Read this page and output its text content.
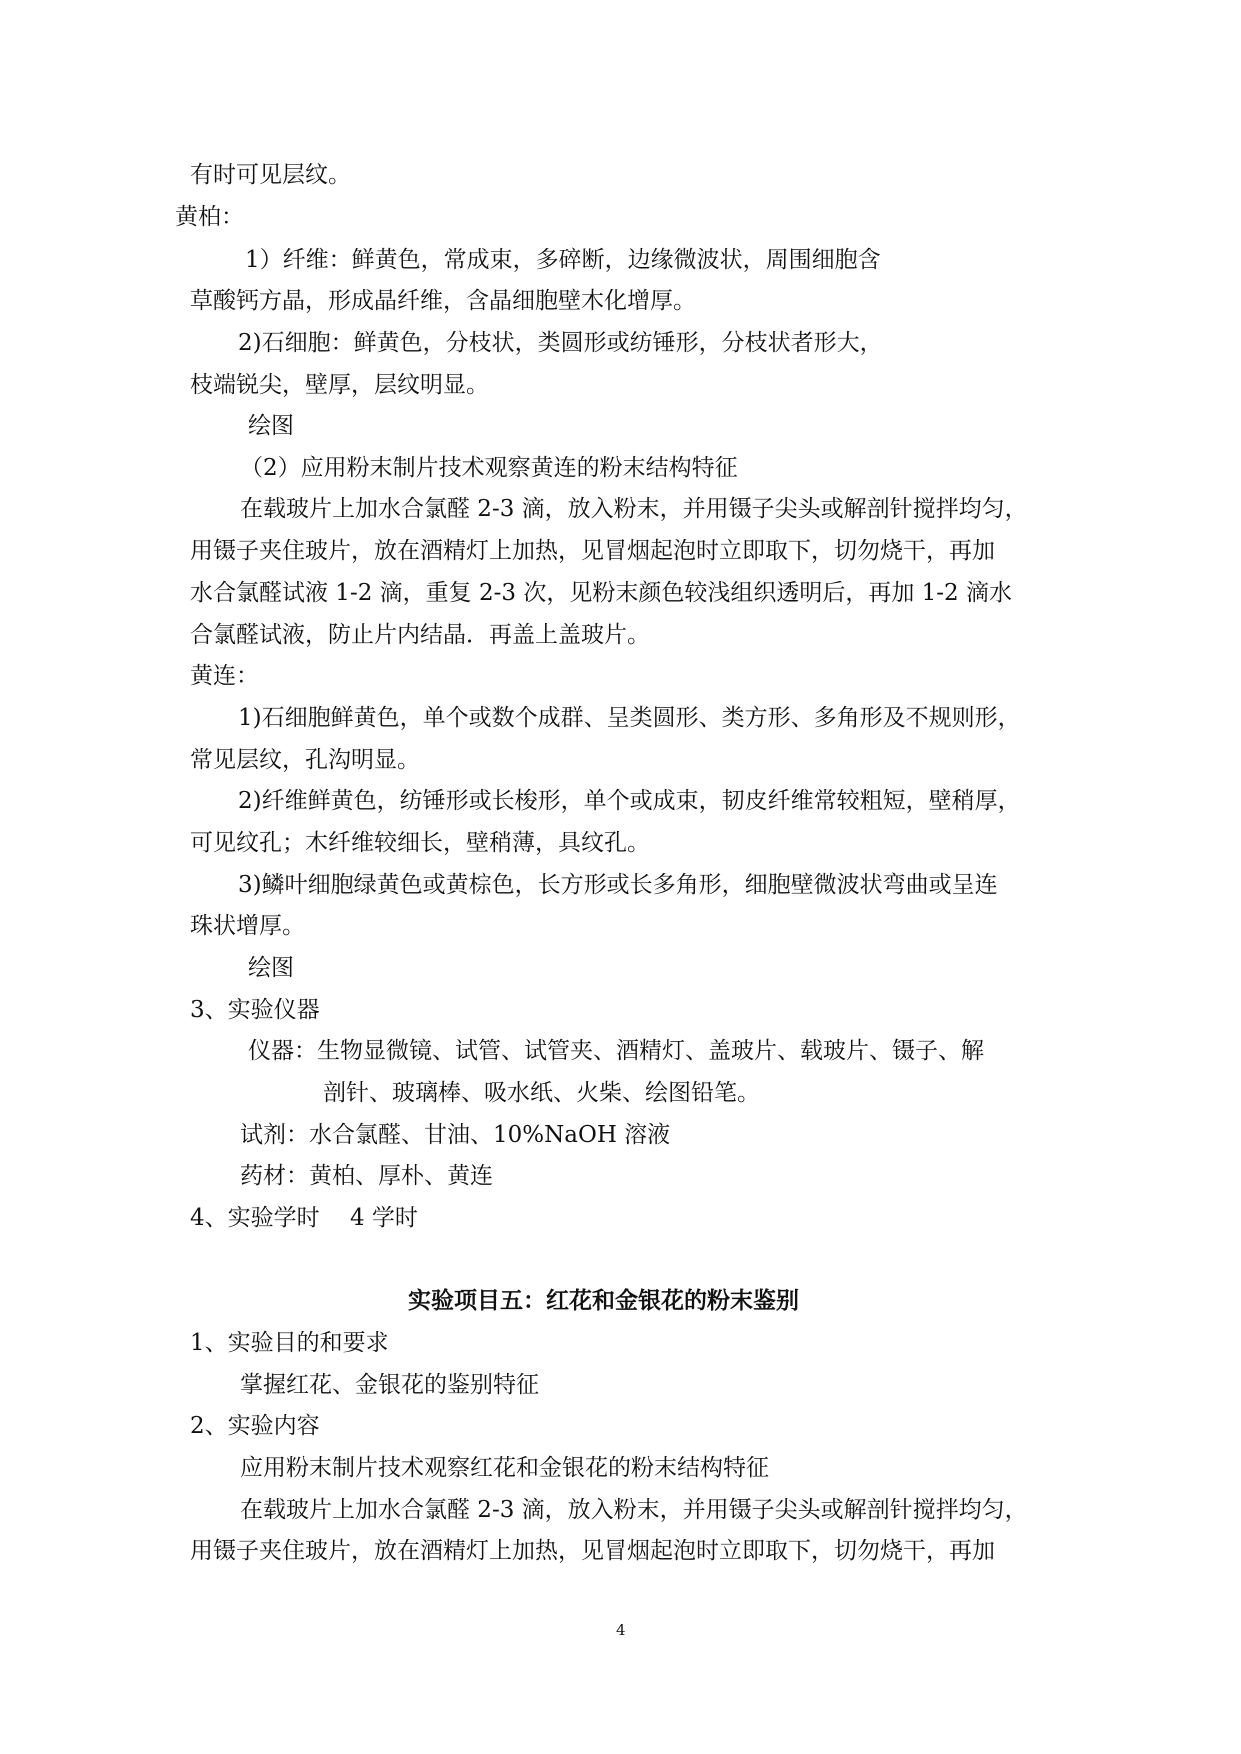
有时可见层纹。
黄柏：
1）纤维：鲜黄色，常成束，多碎断，边缘微波状，周围细胞含
草酸钙方晶，形成晶纤维，含晶细胞壁木化增厚。
2)石细胞：鲜黄色，分枝状，类圆形或纺锤形，分枝状者形大，
枝端锐尖，壁厚，层纹明显。
绘图
（2）应用粉末制片技术观察黄连的粉末结构特征
在载玻片上加水合氯醛 2-3 滴，放入粉末，并用镊子尖头或解剖针搅拌均匀，
用镊子夹住玻片，放在酒精灯上加热，见冒烟起泡时立即取下，切勿烧干，再加
水合氯醛试液 1-2 滴，重复 2-3 次，见粉末颜色较浅组织透明后，再加 1-2 滴水
合氯醛试液，防止片内结晶．再盖上盖玻片。
黄连：
1)石细胞鲜黄色，单个或数个成群、呈类圆形、类方形、多角形及不规则形，
常见层纹，孔沟明显。
2)纤维鲜黄色，纺锤形或长梭形，单个或成束，韧皮纤维常较粗短，壁稍厚，
可见纹孔；木纤维较细长，壁稍薄，具纹孔。
3)鳞叶细胞绿黄色或黄棕色，长方形或长多角形，细胞壁微波状弯曲或呈连
珠状增厚。
绘图
3、实验仪器
仪器：生物显微镜、试管、试管夹、酒精灯、盖玻片、载玻片、镊子、解
剖针、玻璃棒、吸水纸、火柴、绘图铅笔。
试剂：水合氯醛、甘油、10%NaOH 溶液
药材：黄柏、厚朴、黄连
4、实验学时　 4 学时
实验项目五：红花和金银花的粉末鉴别
1、实验目的和要求
掌握红花、金银花的鉴别特征
2、实验内容
应用粉末制片技术观察红花和金银花的粉末结构特征
在载玻片上加水合氯醛 2-3 滴，放入粉末，并用镊子尖头或解剖针搅拌均匀，
用镊子夹住玻片，放在酒精灯上加热，见冒烟起泡时立即取下，切勿烧干，再加
4
